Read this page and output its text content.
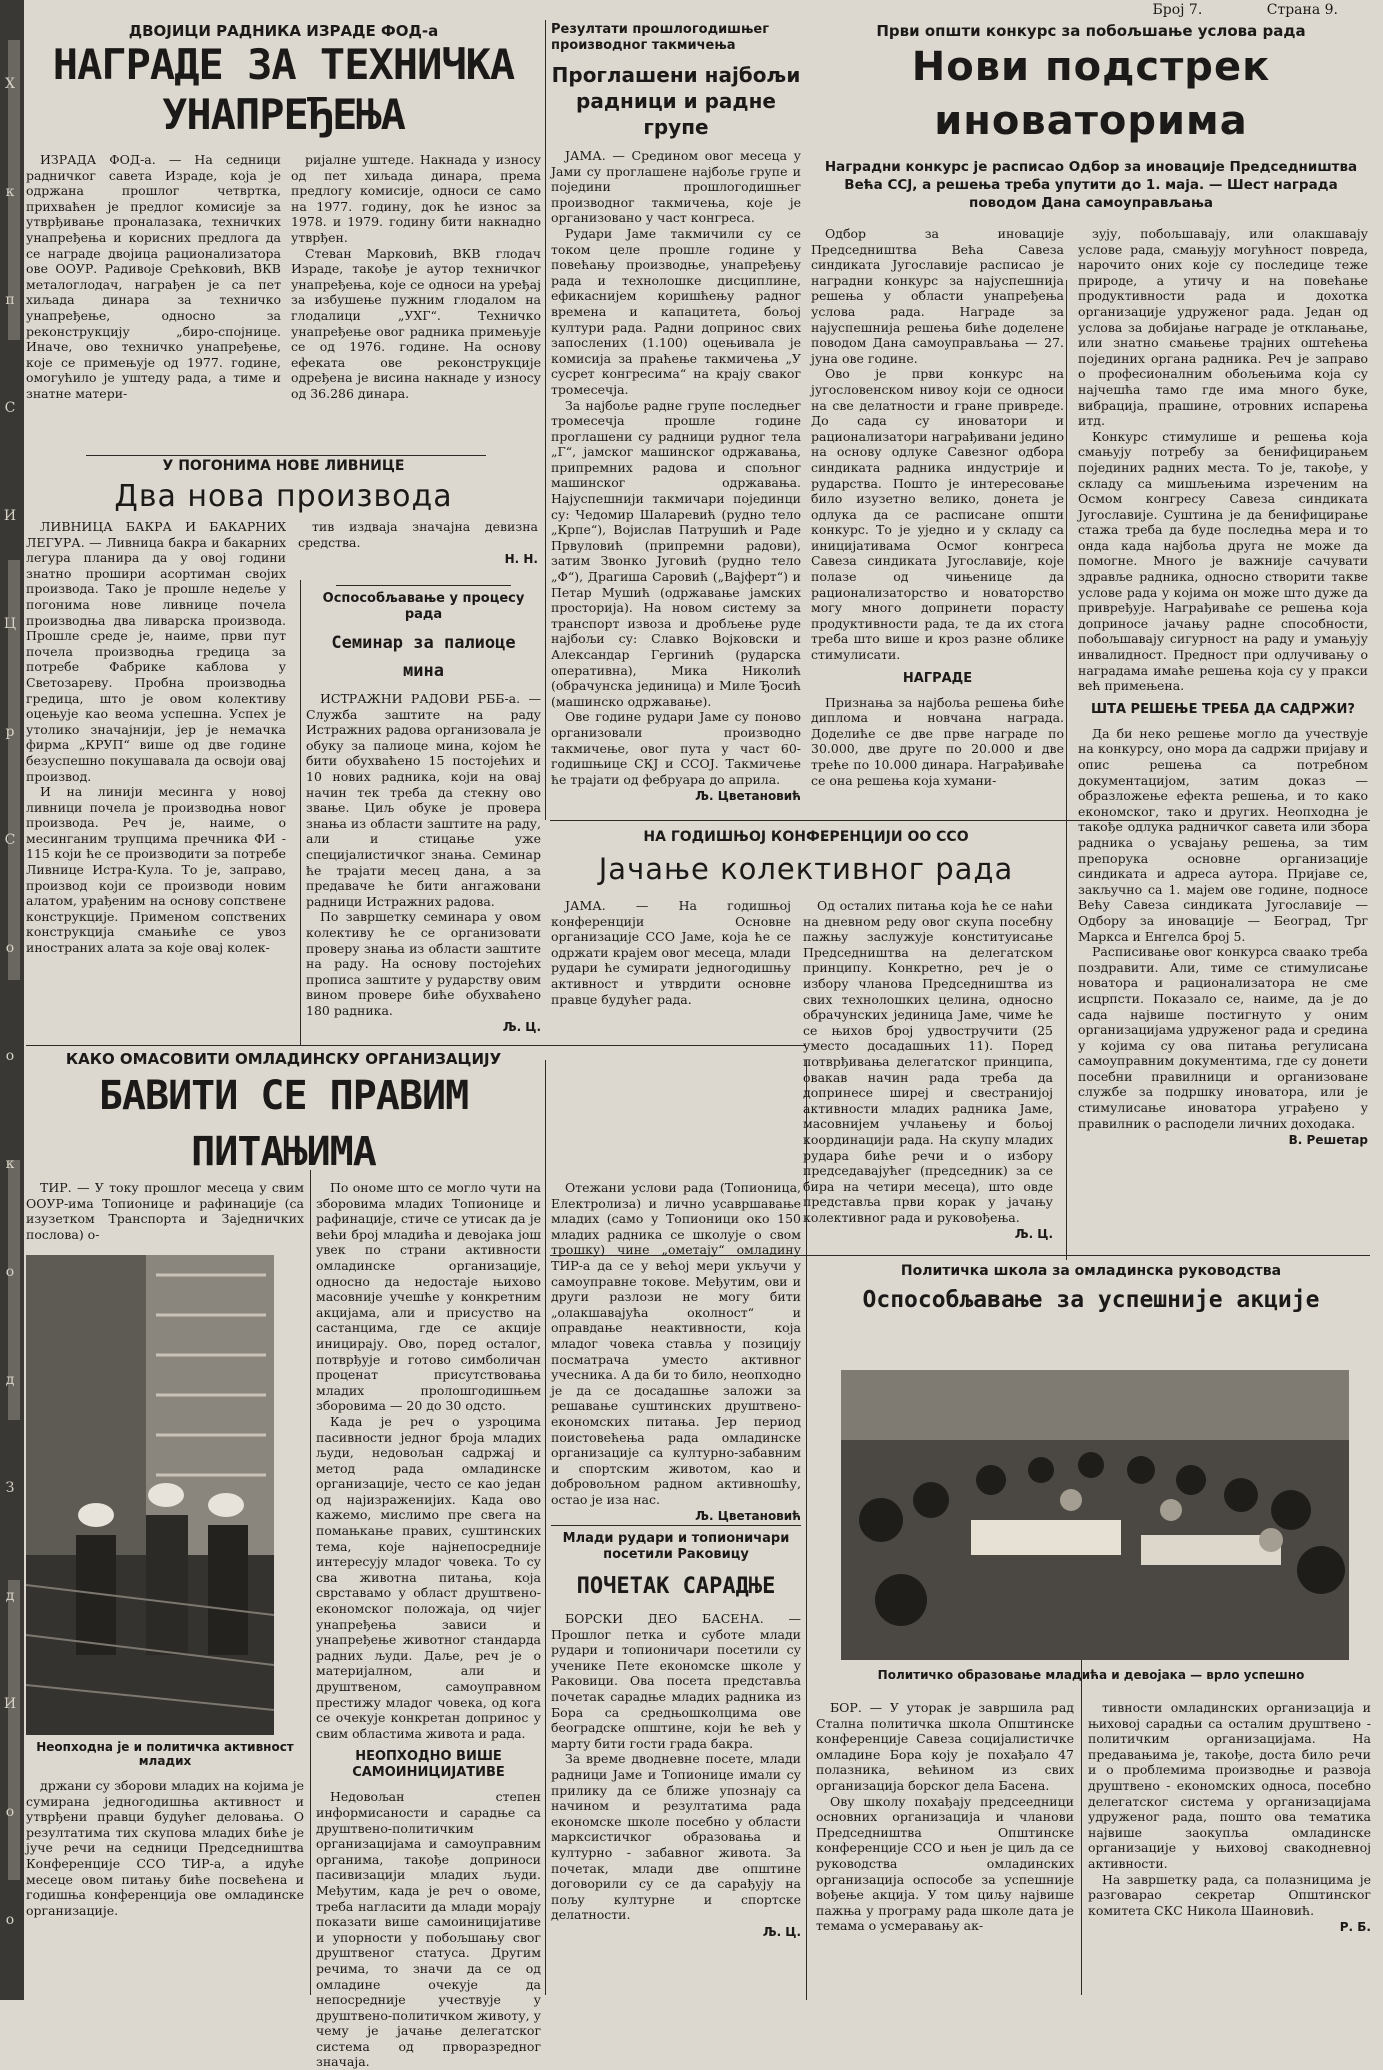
Број 7.	Страна 9.
ДВОЈИЦИ РАДНИКА ИЗРАДЕ ФОД-а
НАГРАДЕ ЗА ТЕХНИЧКА
УНАПРЕЂЕЊА

ИЗРАДА ФОД-а. — На седници радничког савета Израде, која је одржана прошлог четвртка, прихваћен је предлог комисије за утврђивање проналазака, техничких унапређења и корисних предлога да се награде двојица рационализатора ове ООУР. Радивоје Срећковић, ВКВ металоглодач, награђен је са пет хиљада динара за техничко унапређење, односно за реконструкцију „биро-спојнице. Иначе, ово техничко унапређење, које се примењује од 1977. године, омогућило је уштеду рада, а тиме и знатне матери-

ријалне уштеде. Накнада у износу од пет хиљада динара, према предлогу комисије, односи се само на 1977. годину, док ће износ за 1978. и 1979. годину бити накнадно утврђен.

Стеван Марковић, ВКВ глодач Израде, такође је аутор техничког унапређења, које се односи на уређај за избушење пужним глодалом на глодалици „УХГ“. Техничко унапређење овог радника примењује се од 1976. године. На основу ефеката ове реконструкције одређена је висина накнаде у износу од 36.286 динара.

У ПОГОНИМА НОВЕ ЛИВНИЦЕ
Два нова производа

ЛИВНИЦА БАКРА И БАКАРНИХ ЛЕГУРА. — Ливница бакра и бакарних легура планира да у овој години знатно прошири асортиман својих производа. Тако је прошле недеље у погонима нове ливнице почела производња два ливарска производа. Прошле среде је, наиме, први пут почела производња гредица за потребе Фабрике каблова у Светозареву. Пробна производња гредица, што је овом колективу оцењује као веома успешна. Успех је утолико значајнији, јер је немачка фирма „КРУП“ више од две године безуспешно покушавала да освоји овај производ.

тив издваја значајна девизна средства.

Н. Н.

И на линији месинга у новој ливници почела је производња новог производа. Реч је, наиме, о месинганим трупцима пречника ФИ - 115 који ће се производити за потребе Ливнице Истра-Кула. То је, заправо, производ који се производи новим алатом, урађеним на основу сопствене конструкције. Применом сопствених конструкција смањиће се увоз иностраних алата за које овај колек-

Оспособљавање у процесу рада
Семинар за палиоце мина

ИСТРАЖНИ РАДОВИ РББ-а. — Служба заштите на раду Истражних радова организовала је обуку за палиоце мина, којом ће бити обухваћено 15 постојећих и 10 нових радника, који на овај начин тек треба да стекну ово звање. Циљ обуке је провера знања из области заштите на раду, али и стицање уже специјалистичког знања. Семинар ће трајати месец дана, а за предаваче ће бити ангажовани радници Истражних радова.

По завршетку семинара у овом колективу ће се организовати проверу знања из области заштите на раду. На основу постојећих прописа заштите у рударству овим вином провере биће обухваћено 180 радника.

Љ. Ц.

Резултати прошлогодишњег производног такмичења
Проглашени најбољи радници и радне групе

ЈАМА. — Средином овог месеца у Јами су проглашене најбоље групе и поједини прошлогодишњег производног такмичења, које је организовано у част конгреса.

Рудари Јаме такмичили су се током целе прошле године у повећању производње, унапређењу рада и технолошке дисциплине, ефикаснијем коришћењу радног времена и капацитета, бољој култури рада. Радни допринос свих запослених (1.100) оцењивала је комисија за праћење такмичења „У сусрет конгресима“ на крају сваког тромесечја.

За најбоље радне групе последњег тромесечја прошле године проглашени су радници рудног тела „Г“, јамског машинског одржавања, припремних радова и спољног машинског одржавања. Најуспешнији такмичари појединци су: Чедомир Шаларевић (рудно тело „Крпе“), Војислав Патрушић и Раде Првуловић (припремни радови), затим Звонко Југовић (рудно тело „Ф“), Драгиша Саровић („Вајферт“) и Петар Мушић (одржавање јамских просторија). На новом систему за транспорт извоза и дробљење руде најбољи су: Славко Војковски и Александар Гергинић (рударска оперативна), Мика Николић (обрачунска јединица) и Миле Ђосић (машинско одржавање).

Ове године рудари Јаме су поново организовали производно такмичење, овог пута у част 60-годишњице СКЈ и ССОЈ. Такмичење ће трајати од фебруара до априла.

Љ. Цветановић

Први општи конкурс за побољшање услова рада
Нови подстрек
иноваторима
Наградни конкурс је расписао Одбор за иновације Председништва Већа ССЈ, а решења треба упутити до 1. маја. — Шест награда поводом Дана самоуправљања

Одбор за иновације Председништва Већа Савеза синдиката Југославије расписао је наградни конкурс за најуспешнија решења у области унапређења услова рада. Награде за најуспешнија решења биће доделене поводом Дана самоуправљања — 27. јуна ове године.

Ово је први конкурс на југословенском нивоу који се односи на све делатности и гране привреде. До сада су иноватори и рационализатори награђивани једино на основу одлуке Савезног одбора синдиката радника индустрије и рударства. Пошто је интересовање било изузетно велико, донета је одлука да се расписане општи конкурс. То је уједно и у складу са иницијативама Осмог конгреса Савеза синдиката Југославије, које полазе од чињенице да рационализаторство и новаторство могу много допринети порасту продуктивности рада, те да их стога треба што више и кроз разне облике стимулисати.

НАГРАДЕ

Признања за најбоља решења биће диплома и новчана награда. Доделиће се две прве награде по 30.000, две друге по 20.000 и две треће по 10.000 динара. Награђиваће се она решења која хумани-

зују, побољшавају, или олакшавају услове рада, смањују могућност повреда, нарочито оних које су последице теже природе, а утичу и на повећање продуктивности рада и дохотка организације удруженог рада. Један од услова за добијање награде је отклањање, или знатно смањење трајних оштећења појединих органа радника. Реч је заправо о професионалним обољењима која су најчешћа тамо где има много буке, вибрација, прашине, отровних испарења итд.

Конкурс стимулише и решења која смањују потребу за бенифицирањем појединих радних места. То је, такође, у складу са мишљењима изреченим на Осмом конгресу Савеза синдиката Југославије. Суштина је да бенифицирање стажа треба да буде последња мера и то онда када најбоља друга не може да помогне. Много је важније сачувати здравље радника, односно створити такве услове рада у којима он може што дуже да привређује. Награђиваће се решења која доприносе јачању радне способности, побољшавају сигурност на раду и умањују инвалидност. Предност при одлучивању о наградама имаће решења која су у пракси већ примењена.

ШТА РЕШЕЊЕ ТРЕБА ДА САДРЖИ?

Да би неко решење могло да учествује на конкурсу, оно мора да садржи пријаву и опис решења са потребном документацијом, затим доказ — образложење ефекта решења, и то како економског, тако и других. Неопходна је такође одлука радничког савета или збора радника о усвајању решења, за тим препорука основне организације синдиката и адреса аутора. Пријаве се, закључно са 1. мајем ове године, подносе Већу Савеза синдиката Југославије — Одбору за иновације — Београд, Трг Маркса и Енгелса број 5.

Расписивање овог конкурса сваако треба поздравити. Али, тиме се стимулисање новатора и рационализатора не сме исцрпсти. Показало се, наиме, да је до сада највише постигнуто у оним организацијама удруженог рада и средина у којима су ова питања регулисана самоуправним документима, где су донети посебни правилници и организоване службе за подршку иноватора, или је стимулисање иноватора уграђено у правилник о расподели личних доходака.

В. Решетар

НА ГОДИШЊОЈ КОНФЕРЕНЦИЈИ ОО ССО
Јачање колективног рада

ЈАМА. — На годишњој конференцији Основне организације ССО Јаме, која ће се одржати крајем овог месеца, млади рудари ће сумирати једногодишњу активност и утврдити основне правце будућег рада.

Од осталих питања која ће се наћи на дневном реду овог скупа посебну пажњу заслужује конституисање Председништва на делегатском принципу. Конкретно, реч је о избору чланова Председништва из свих технолошких целина, односно обрачунских јединица Јаме, чиме ће се њихов број удвостручити (25 уместо досадашњих 11). Поред потврђивања делегатског принципа, овакав начин рада треба да допринесе ширеј и свестранијој активности младих радника Јаме, масовнијем учлањењу и бољој координацији рада. На скупу младих рудара биће речи и о избору председавајућег (председник) за се бира на четири месеца), што овде представља први корак у јачању колективног рада и руковођења.

Љ. Ц.

КАКО ОМАСОВИТИ ОМЛАДИНСКУ ОРГАНИЗАЦИЈУ
БАВИТИ СЕ ПРАВИМ ПИТАЊИМА

ТИР. — У току прошлог месеца у свим ООУР-има Топионице и рафинације (са изузетком Транспорта и Заједничких послова) о-

Неопходна је и политичка активност младих

држани су зборови младих на којима је сумирана једногодишња активност и утврђени правци будућег деловања. О резултатима тих скупова младих биће је јуче речи на седници Председништва Конференције ССО ТИР-а, а идуће месеце овом питању биће посвећена и годишња конференција ове омладинске организације.

По ономе што се могло чути на зборовима младих Топионице и рафинације, стиче се утисак да је већи број младића и девојака још увек по страни активности омладинске организације, односно да недостаје њихово масовније учешће у конкретним акцијама, али и присуство на састанцима, где се акције иницирају. Ово, поред осталог, потврђује и готово симболичан проценат присутствовања младих пролошгодишњем зборовима — 20 до 30 одсто.

Када је реч о узроцима пасивности једног броја младих људи, недовољан садржај и метод рада омладинске организације, често се као један од најизраженијих. Када ово кажемо, мислимо пре свега на помањкање правих, суштинских тема, које најнепосредније интересују младог човека. То су сва животна питања, која сврставамо у област друштвено-економског положаја, од чијег унапређења зависи и унапређење животног стандарда радних људи. Даље, реч је о материјалном, али и друштвеном, самоуправном престижу младог човека, од кога се очекује конкретан допринос у свим областима живота и рада.

НЕОПХОДНО ВИШЕ САМОИНИЦИЈАТИВЕ

Недовољан степен информисаности и сарадње са друштвено-политичким организацијама и самоуправним органима, такође доприноси пасивизацији младих људи. Међутим, када је реч о овоме, треба нагласити да млади морају показати више самоиницијативе и упорности у побољшању свог друштвеног статуса. Другим речима, то значи да се од омладине очекује да непосредније учествује у друштвено-политичком животу, у чему је јачање делегатског система од прворазредног значаја.

Отежани услови рада (Топионица, Електролиза) и лично усавршавање младих (само у Топионици око 150 младих радника се школује о свом трошку) чине „ометају“ омладину ТИР-а да се у већој мери укључи у самоуправне токове. Међутим, ови и други разлози не могу бити „олакшавајућа околност“ и оправдање неактивности, која младог човека ставља у позицију посматрача уместо активног учесника. А да би то било, неопходно је да се досадашње заложи за решавање суштинских друштвено-економских питања. Јер период поистовећења рада омладинске организације са културно-забавним и спортским животом, као и добровољном радном активношћу, остао је иза нас.

Љ. Цветановић

Млади рудари и топионичари посетили Раковицу
ПОЧЕТАК САРАДЊЕ

БОРСКИ ДЕО БАСЕНА. — Прошлог петка и суботе млади рудари и топионичари посетили су ученике Пете економске школе у Раковици. Ова посета представља почетак сарадње младих радника из Бора са средњошколцима ове београдске општине, који ће већ у марту бити гости града бакра.

За време дводневне посете, млади радници Јаме и Топионице имали су прилику да се ближе упознају са начином и резултатима рада економске школе посебно у области марксистичког образовања и културно - забавног живота. За почетак, млади две општине договорили су се да сарађују на пољу културне и спортске делатности.

Љ. Ц.

Политичка школа за омладинска руководства
Оспособљавање за успешније акције
Политичко образовање младића и девојака — врло успешно

БОР. — У уторак је завршила рад Стална политичка школа Општинске конференције Савеза социјалистичке омладине Бора коју је похађало 47 полазника, већином из свих организација борског дела Басена.

Ову школу похађају предсеедници основних организација и чланови Председништва Општинске конференције ССО и њен је циљ да се руководства омладинских организација оспособе за успешније вођење акција. У том циљу највише пажња у програму рада школе дата је темама о усмеравању ак-

тивности омладинских организација и њиховој сарадњи са осталим друштвено - политичким организацијама. На предавањима је, такође, доста било речи и о проблемима производње и развоја друштвено - економских односа, посебно делегатског система у организацијама удруженог рада, пошто ова тематика највише заокупља омладинске организације у њиховој свакодневној активности.

На завршетку рада, са полазницима је разговарао секретар Општинског комитета СКС Никола Шаиновић.

Р. Б.

X
к
п
С
И
Ц
р
С
о
о
к
о
д
З
д
И
о
о
